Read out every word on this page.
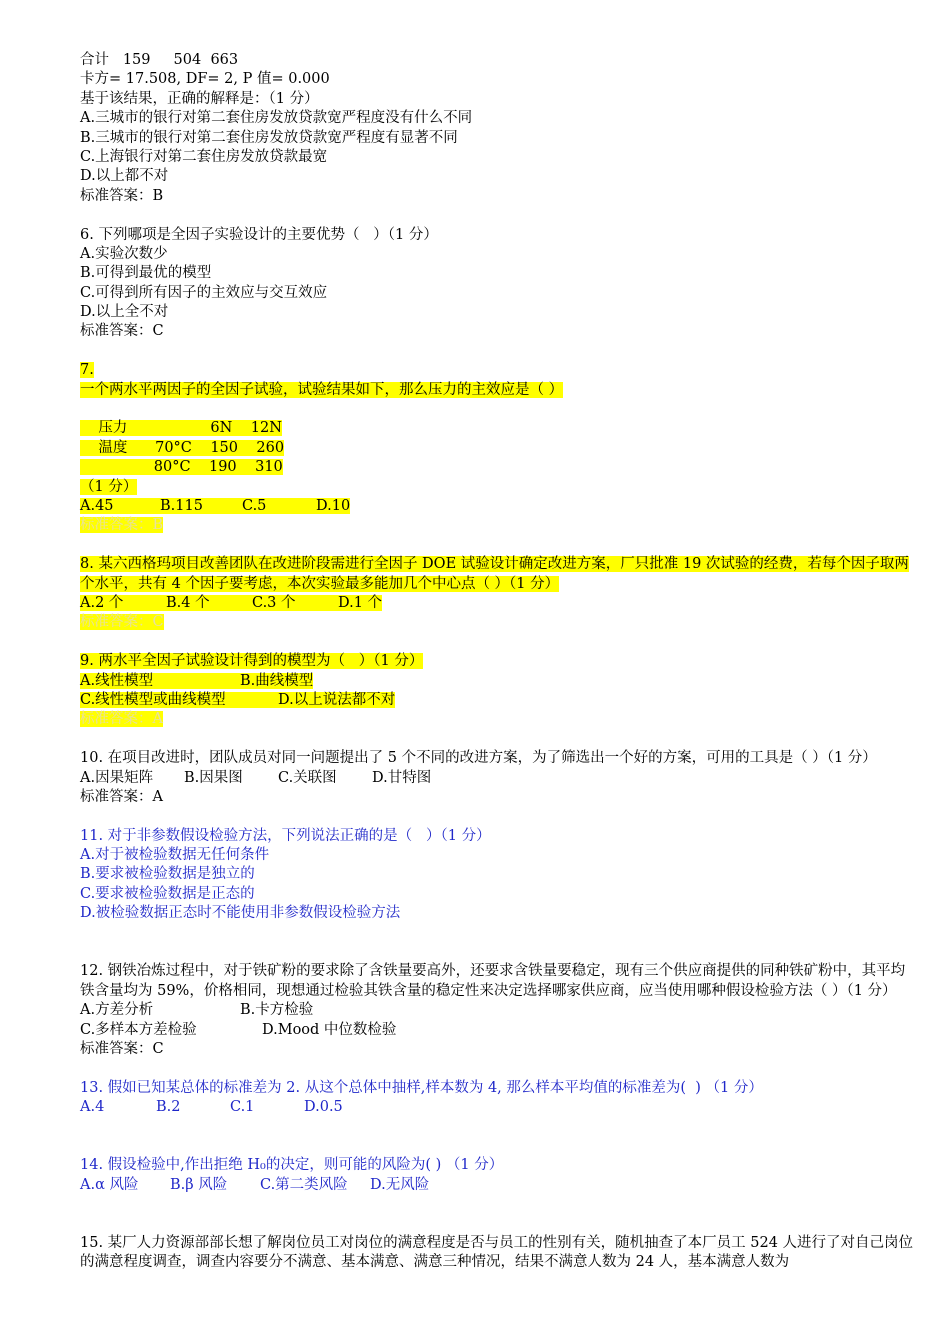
合计   159     504  663
卡方= 17.508, DF= 2, P 值= 0.000
基于该结果，正确的解释是：（1 分）
A.三城市的银行对第二套住房发放贷款宽严程度没有什么不同
B.三城市的银行对第二套住房发放贷款宽严程度有显著不同
C.上海银行对第二套住房发放贷款最宽
D.以上都不对
标准答案：B
6. 下列哪项是全因子实验设计的主要优势（   ）（1 分）
A.实验次数少
B.可得到最优的模型
C.可得到所有因子的主效应与交互效应
D.以上全不对
标准答案：C
7.
一个两水平两因子的全因子试验，试验结果如下，那么压力的主效应是（ ）
压力                  6N    12N
温度      70°C    150    260
80°C    190    310
（1 分）
A.45	B.115	C.5	D.10
标准答案：B
8. 某六西格玛项目改善团队在改进阶段需进行全因子 DOE 试验设计确定改进方案，厂只批准 19 次试验的经费，若每个因子取两个水平，共有 4 个因子要考虑，本次实验最多能加几个中心点（ ）（1 分）
A.2 个	B.4 个	C.3 个	D.1 个
标准答案：C
9. 两水平全因子试验设计得到的模型为（   ）（1 分）
A.线性模型	B.曲线模型
C.线性模型或曲线模型	D.以上说法都不对
标准答案：A
10. 在项目改进时，团队成员对同一问题提出了 5 个不同的改进方案，为了筛选出一个好的方案，可用的工具是（ ）（1 分）
A.因果矩阵 B.因果图 C.关联图 D.甘特图
标准答案：A
11. 对于非参数假设检验方法，下列说法正确的是（   ）（1 分）
A.对于被检验数据无任何条件
B.要求被检验数据是独立的
C.要求被检验数据是正态的
D.被检验数据正态时不能使用非参数假设检验方法
12. 钢铁冶炼过程中，对于铁矿粉的要求除了含铁量要高外，还要求含铁量要稳定，现有三个供应商提供的同种铁矿粉中，其平均铁含量均为 59%，价格相同，现想通过检验其铁含量的稳定性来决定选择哪家供应商，应当使用哪种假设检验方法（ ）（1 分）
A.方差分析	B.卡方检验
C.多样本方差检验	D.Mood 中位数检验
标准答案：C
13. 假如已知某总体的标准差为 2. 从这个总体中抽样,样本数为 4, 那么样本平均值的标准差为(  ) （1 分）
A.4	B.2	C.1	D.0.5
14. 假设检验中,作出拒绝 H₀的决定，则可能的风险为( ) （1 分）
A.α 风险 B.β 风险 C.第二类风险 D.无风险
15. 某厂人力资源部部长想了解岗位员工对岗位的满意程度是否与员工的性别有关，随机抽查了本厂员工 524 人进行了对自己岗位的满意程度调查，调查内容要分不满意、基本满意、满意三种情况，结果不满意人数为 24 人，基本满意人数为
